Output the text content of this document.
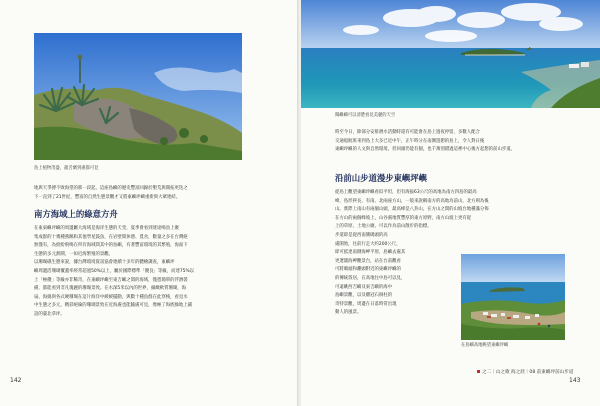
島上植物茂盛，龍舌蘭到處都可見
地與天爭搏不敗海望的那一段起，這座島嶼的歷史豐富回歸於墾荒與開拓更迭之
下一直到了21世紀，豐富的自然生態景觀才又將東嶼坪嶼重新與大眾連結。
南方海域上的綠意方舟
在東東嶼坪嶼的周邊屬大海域是海洋生態的天堂，夏季會看到迷途鳴鳥上聚
集成群的十幾種燕鷗和其他學星鼓魚，在岩壁間休憩、覓食，數量之多在台灣絕
無僅有，為紛紛飛鳴在所有海域間其中的島嶼，有著豐富環境的其繁殖，海面下
生態的多元熱鬧，一如近海繁殖的景觀。
以珊瑚礁生態來說，據台灣環境資訊協會連續十多年的體檢調查，東嶼坪
嶼周邊活珊瑚覆蓋率經常超過50%以上，屬於國際標準「優良」等級，而達75%以
上「極優」等級亦非稀奇，在東嶼坪嶼至東吉嶼之間的海域，僅憑簡單的浮潛裝
備，都能看到非凡瑰麗的珊瑚景致。在水深5米以內的世界，細緻軟質珊瑚，海
扇、海綿與各式硬珊瑚在這片海洋中緩緩擺動，與數十種魚群在此穿梭，看見水
中生態之多元，精彩絕倫的珊瑚景致在近海處也能隨處可見，像極了海底綠地上鋪
設的臺北草坪。
142
閱嶼嶼可以清楚看見美麗的天空
時至今日，除部分安排潛水活動時還有可能會在島上過夜停留，多數人配合
交通船航班來到島上大多已近中午，正午時分在南側遊憩的島上，令人對日後
東嶼坪嶼的人文與自然環境，但回頭仍能有個，也千萬別錯過這裡中心後方起想的前山步道。
沿前山步道漫步東嶼坪嶼
從島上觀望東嶼坪嶼看似平坦，但有海拔63公尺的高地為南方四島的最高
峰，島形狹長，有南、北兩座方山，一般來說稱南方的高地為前山，北方則為後
山。實際上南山有兩個山頭，最高峰是八卦山，在方山之間的山坡台地種滿分佈
在方山的兩個峰坡上，山谷處地質豐厚的東方原野，南方山坡上更有從
上的草原、土地公廟，可以作為前山散步的指標。
步道即是從西南側碼頭的高
處開始，往前行走大約200公尺，
即可抵達南側海岬平原，島嶼去處其
更遼闊海岬觀景台，站在台前觀看
可將碼頭和灘頭附近的東嶼坪嶼的
的傳統殼居，在高地往中島可以見，
可遠眺西吉嶼及東吉嶼的海中
島嶼景觀，以及雞冠石洞柱的
奇特景觀，周邊在日落時常出現
動人的風景。
在島嶼高地眺望東嶼坪嶼
之二｜山之歌 海之涯｜08 前東嶼坪前山步道
143
